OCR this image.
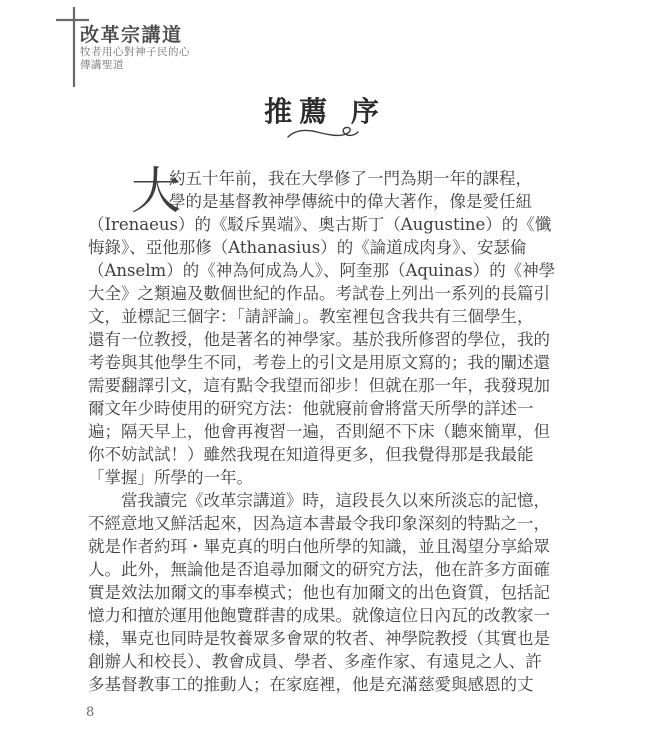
改革宗講道
牧者用心對神子民的心
傳講聖道
推薦 序
大
約五十年前，我在大學修了一門為期一年的課程，
學的是基督教神學傳統中的偉大著作，像是愛任紐
（Irenaeus）的《駁斥異端》、奧古斯丁（Augustine）的《懺
悔錄》、亞他那修（Athanasius）的《論道成肉身》、安瑟倫
（Anselm）的《神為何成為人》、阿奎那（Aquinas）的《神學
大全》之類遍及數個世紀的作品。考試卷上列出一系列的長篇引
文，並標記三個字：「請評論」。教室裡包含我共有三個學生，
還有一位教授，他是著名的神學家。基於我所修習的學位，我的
考卷與其他學生不同，考卷上的引文是用原文寫的；我的闡述還
需要翻譯引文，這有點令我望而卻步！但就在那一年，我發現加
爾文年少時使用的研究方法：他就寢前會將當天所學的詳述一
遍；隔天早上，他會再複習一遍，否則絕不下床（聽來簡單，但
你不妨試試！）雖然我現在知道得更多，但我覺得那是我最能
「掌握」所學的一年。
當我讀完《改革宗講道》時，這段長久以來所淡忘的記憶，
不經意地又鮮活起來，因為這本書最令我印象深刻的特點之一，
就是作者約珥・畢克真的明白他所學的知識，並且渴望分享給眾
人。此外，無論他是否追尋加爾文的研究方法，他在許多方面確
實是效法加爾文的事奉模式；他也有加爾文的出色資質，包括記
憶力和擅於運用他飽覽群書的成果。就像這位日內瓦的改教家一
樣，畢克也同時是牧養眾多會眾的牧者、神學院教授（其實也是
創辦人和校長）、教會成員、學者、多產作家、有遠見之人、許
多基督教事工的推動人；在家庭裡，他是充滿慈愛與感恩的丈
8
